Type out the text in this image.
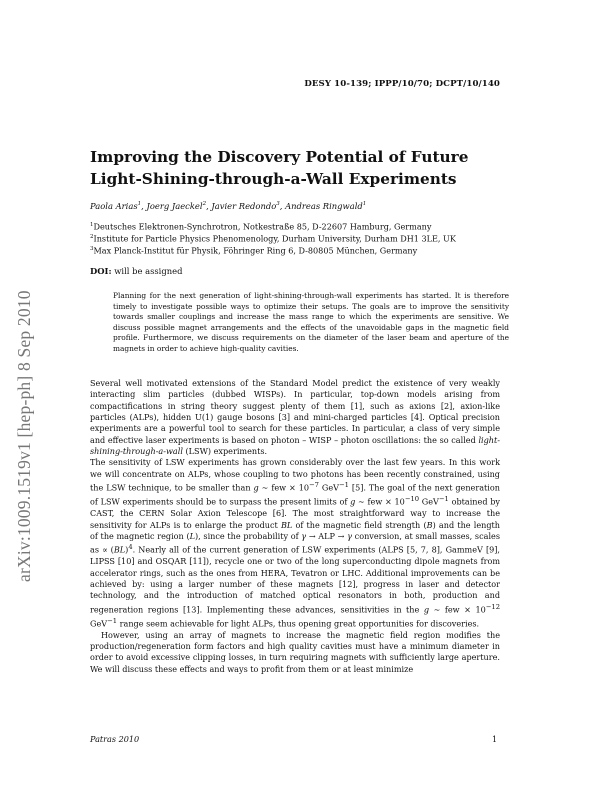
DESY 10-139; IPPP/10/70; DCPT/10/140
arXiv:1009.1519v1 [hep-ph] 8 Sep 2010
Improving the Discovery Potential of Future
Light-Shining-through-a-Wall Experiments
Paola Arias$^1$, Joerg Jaeckel$^2$, Javier Redondo$^3$, Andreas Ringwald$^1$
$^1$Deutsches Elektronen-Synchrotron, Notkestraße 85, D-22607 Hamburg, Germany
$^2$Institute for Particle Physics Phenomenology, Durham University, Durham DH1 3LE, UK
$^3$Max Planck-Institut für Physik, Föhringer Ring 6, D-80805 München, Germany
DOI: will be assigned

Planning for the next generation of light-shining-through-wall experiments has started. It is therefore timely to investigate possible ways to optimize their setups. The goals are to improve the sensitivity towards smaller couplings and increase the mass range to which the experiments are sensitive. We discuss possible magnet arrangements and the effects of the unavoidable gaps in the magnetic field profile. Furthermore, we discuss requirements on the diameter of the laser beam and aperture of the magnets in order to achieve high-quality cavities.

Several well motivated extensions of the Standard Model predict the existence of very weakly interacting slim particles (dubbed WISPs). In particular, top-down models arising from compactifications in string theory suggest plenty of them [1], such as axions [2], axion-like particles (ALPs), hidden U(1) gauge bosons [3] and mini-charged particles [4]. Optical precision experiments are a powerful tool to search for these particles. In particular, a class of very simple and effective laser experiments is based on photon – WISP – photon oscillations: the so called light-shining-through-a-wall (LSW) experiments.

The sensitivity of LSW experiments has grown considerably over the last few years. In this work we will concentrate on ALPs, whose coupling to two photons has been recently constrained, using the LSW technique, to be smaller than g ∼ few × $10^{-7}$ GeV$^{-1}$ [5]. The goal of the next generation of LSW experiments should be to surpass the present limits of g ∼ few × $10^{-10}$ GeV$^{-1}$ obtained by CAST, the CERN Solar Axion Telescope [6]. The most straightforward way to increase the sensitivity for ALPs is to enlarge the product BL of the magnetic field strength (B) and the length of the magnetic region (L), since the probability of γ → ALP → γ conversion, at small masses, scales as ∝ (BL)$^4$. Nearly all of the current generation of LSW experiments (ALPS [5, 7, 8], GammeV [9], LIPSS [10] and OSQAR [11]), recycle one or two of the long superconducting dipole magnets from accelerator rings, such as the ones from HERA, Tevatron or LHC. Additional improvements can be achieved by: using a larger number of these magnets [12], progress in laser and detector technology, and the introduction of matched optical resonators in both, production and regeneration regions [13]. Implementing these advances, sensitivities in the g ∼ few × $10^{-12}$ GeV$^{-1}$ range seem achievable for light ALPs, thus opening great opportunities for discoveries.

However, using an array of magnets to increase the magnetic field region modifies the production/regeneration form factors and high quality cavities must have a minimum diameter in order to avoid excessive clipping losses, in turn requiring magnets with sufficiently large aperture. We will discuss these effects and ways to profit from them or at least minimize

Patras 2010	1
